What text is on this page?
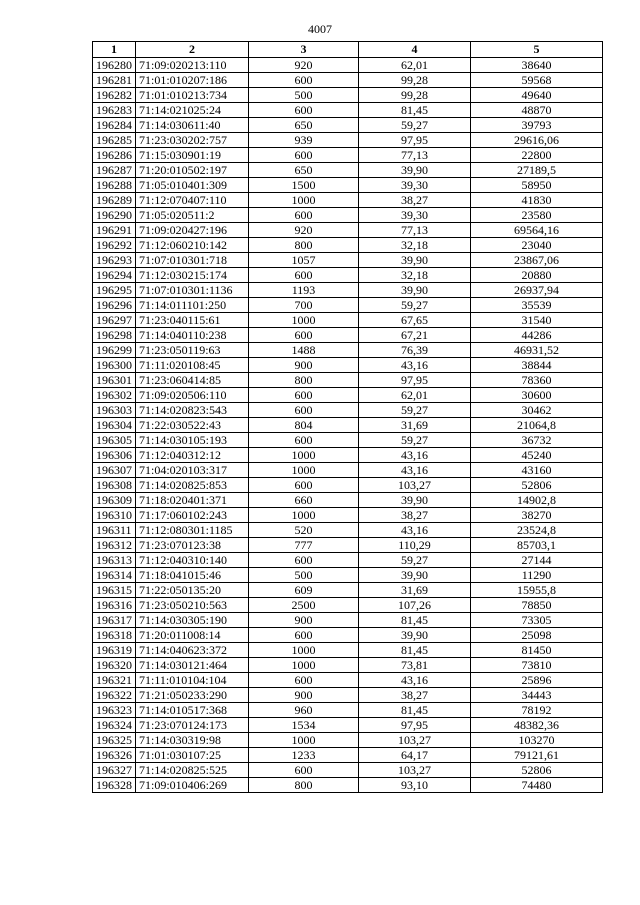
4007
1	2	3	4	5
196280	71:09:020213:110	920	62,01	38640
196281	71:01:010207:186	600	99,28	59568
196282	71:01:010213:734	500	99,28	49640
196283	71:14:021025:24	600	81,45	48870
196284	71:14:030611:40	650	59,27	39793
196285	71:23:030202:757	939	97,95	29616,06
196286	71:15:030901:19	600	77,13	22800
196287	71:20:010502:197	650	39,90	27189,5
196288	71:05:010401:309	1500	39,30	58950
196289	71:12:070407:110	1000	38,27	41830
196290	71:05:020511:2	600	39,30	23580
196291	71:09:020427:196	920	77,13	69564,16
196292	71:12:060210:142	800	32,18	23040
196293	71:07:010301:718	1057	39,90	23867,06
196294	71:12:030215:174	600	32,18	20880
196295	71:07:010301:1136	1193	39,90	26937,94
196296	71:14:011101:250	700	59,27	35539
196297	71:23:040115:61	1000	67,65	31540
196298	71:14:040110:238	600	67,21	44286
196299	71:23:050119:63	1488	76,39	46931,52
196300	71:11:020108:45	900	43,16	38844
196301	71:23:060414:85	800	97,95	78360
196302	71:09:020506:110	600	62,01	30600
196303	71:14:020823:543	600	59,27	30462
196304	71:22:030522:43	804	31,69	21064,8
196305	71:14:030105:193	600	59,27	36732
196306	71:12:040312:12	1000	43,16	45240
196307	71:04:020103:317	1000	43,16	43160
196308	71:14:020825:853	600	103,27	52806
196309	71:18:020401:371	660	39,90	14902,8
196310	71:17:060102:243	1000	38,27	38270
196311	71:12:080301:1185	520	43,16	23524,8
196312	71:23:070123:38	777	110,29	85703,1
196313	71:12:040310:140	600	59,27	27144
196314	71:18:041015:46	500	39,90	11290
196315	71:22:050135:20	609	31,69	15955,8
196316	71:23:050210:563	2500	107,26	78850
196317	71:14:030305:190	900	81,45	73305
196318	71:20:011008:14	600	39,90	25098
196319	71:14:040623:372	1000	81,45	81450
196320	71:14:030121:464	1000	73,81	73810
196321	71:11:010104:104	600	43,16	25896
196322	71:21:050233:290	900	38,27	34443
196323	71:14:010517:368	960	81,45	78192
196324	71:23:070124:173	1534	97,95	48382,36
196325	71:14:030319:98	1000	103,27	103270
196326	71:01:030107:25	1233	64,17	79121,61
196327	71:14:020825:525	600	103,27	52806
196328	71:09:010406:269	800	93,10	74480
